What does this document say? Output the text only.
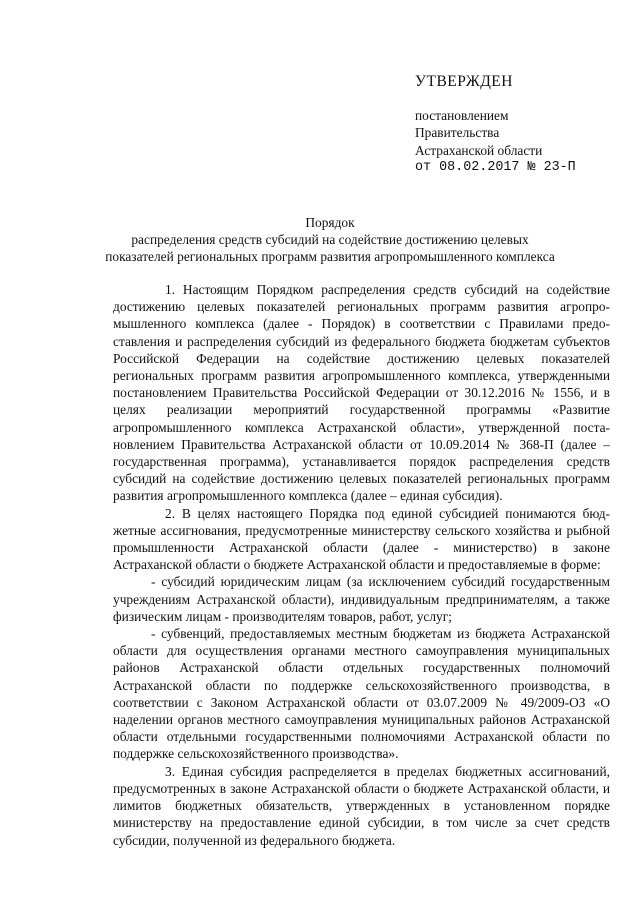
УТВЕРЖДЕН
постановлением
Правительства
Астраханской области
от 08.02.2017 № 23-П
Порядок
распределения средств субсидий на содействие достижению целевых
показателей региональных программ развития агропромышленного комплекса

1. Настоящим Порядком распределения средств субсидий на содействие достижению целевых показателей региональных программ развития агропромышленного комплекса (далее - Порядок) в соответствии с Правилами предоставления и распределения субсидий из федерального бюджета бюджетам субъектов Российской Федерации на содействие достижению целевых показателей региональных программ развития агропромышленного комплекса, утвержденными постановлением Правительства Российской Федерации от 30.12.2016 № 1556, и в целях реализации мероприятий государственной программы «Развитие агропромышленного комплекса Астраханской области», утвержденной постановлением Правительства Астраханской области от 10.09.2014 № 368-П (далее – государственная программа), устанавливается порядок распределения средств субсидий на содействие достижению целевых показателей региональных программ развития агропромышленного комплекса (далее – единая субсидия).

2. В целях настоящего Порядка под единой субсидией понимаются бюджетные ассигнования, предусмотренные министерству сельского хозяйства и рыбной промышленности Астраханской области (далее - министерство) в законе Астраханской области о бюджете Астраханской области и предоставляемые в форме:

- субсидий юридическим лицам (за исключением субсидий государственным учреждениям Астраханской области), индивидуальным предпринимателям, а также физическим лицам - производителям товаров, работ, услуг;

- субвенций, предоставляемых местным бюджетам из бюджета Астраханской области для осуществления органами местного самоуправления муниципальных районов Астраханской области отдельных государственных полномочий Астраханской области по поддержке сельскохозяйственного производства, в соответствии с Законом Астраханской области от 03.07.2009 № 49/2009-ОЗ «О наделении органов местного самоуправления муниципальных районов Астраханской области отдельными государственными полномочиями Астраханской области по поддержке сельскохозяйственного производства».

3. Единая субсидия распределяется в пределах бюджетных ассигнований, предусмотренных в законе Астраханской области о бюджете Астраханской области, и лимитов бюджетных обязательств, утвержденных в установленном порядке министерству на предоставление единой субсидии, в том числе за счет средств субсидии, полученной из федерального бюджета.
